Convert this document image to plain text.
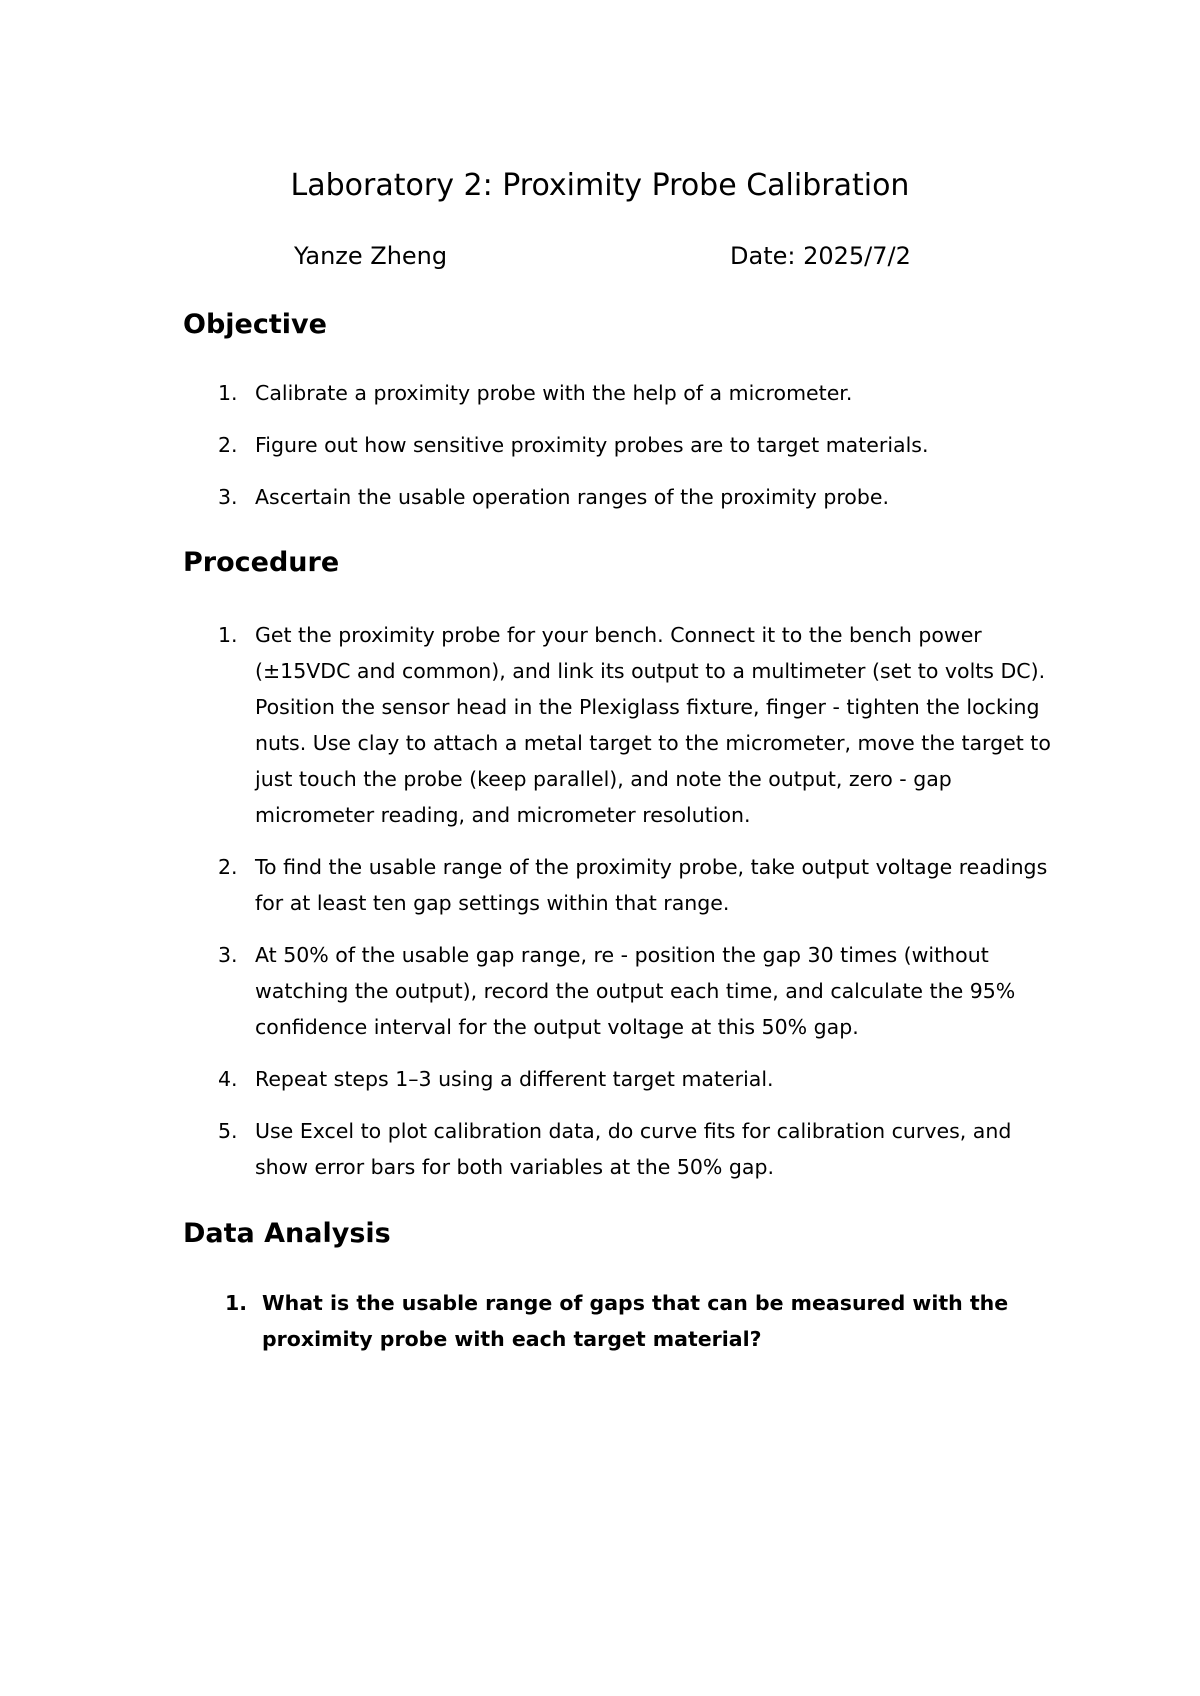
Laboratory 2: Proximity Probe Calibration
Yanze Zheng	Date: 2025/7/2
Objective
1. Calibrate a proximity probe with the help of a micrometer.
2. Figure out how sensitive proximity probes are to target materials.
3. Ascertain the usable operation ranges of the proximity probe.
Procedure
1. Get the proximity probe for your bench. Connect it to the bench power (±15VDC and common), and link its output to a multimeter (set to volts DC). Position the sensor head in the Plexiglass fixture, finger - tighten the locking nuts. Use clay to attach a metal target to the micrometer, move the target to just touch the probe (keep parallel), and note the output, zero - gap micrometer reading, and micrometer resolution.
2. To find the usable range of the proximity probe, take output voltage readings for at least ten gap settings within that range.
3. At 50% of the usable gap range, re - position the gap 30 times (without watching the output), record the output each time, and calculate the 95% confidence interval for the output voltage at this 50% gap.
4. Repeat steps 1–3 using a different target material.
5. Use Excel to plot calibration data, do curve fits for calibration curves, and show error bars for both variables at the 50% gap.
Data Analysis
1. What is the usable range of gaps that can be measured with the proximity probe with each target material?
